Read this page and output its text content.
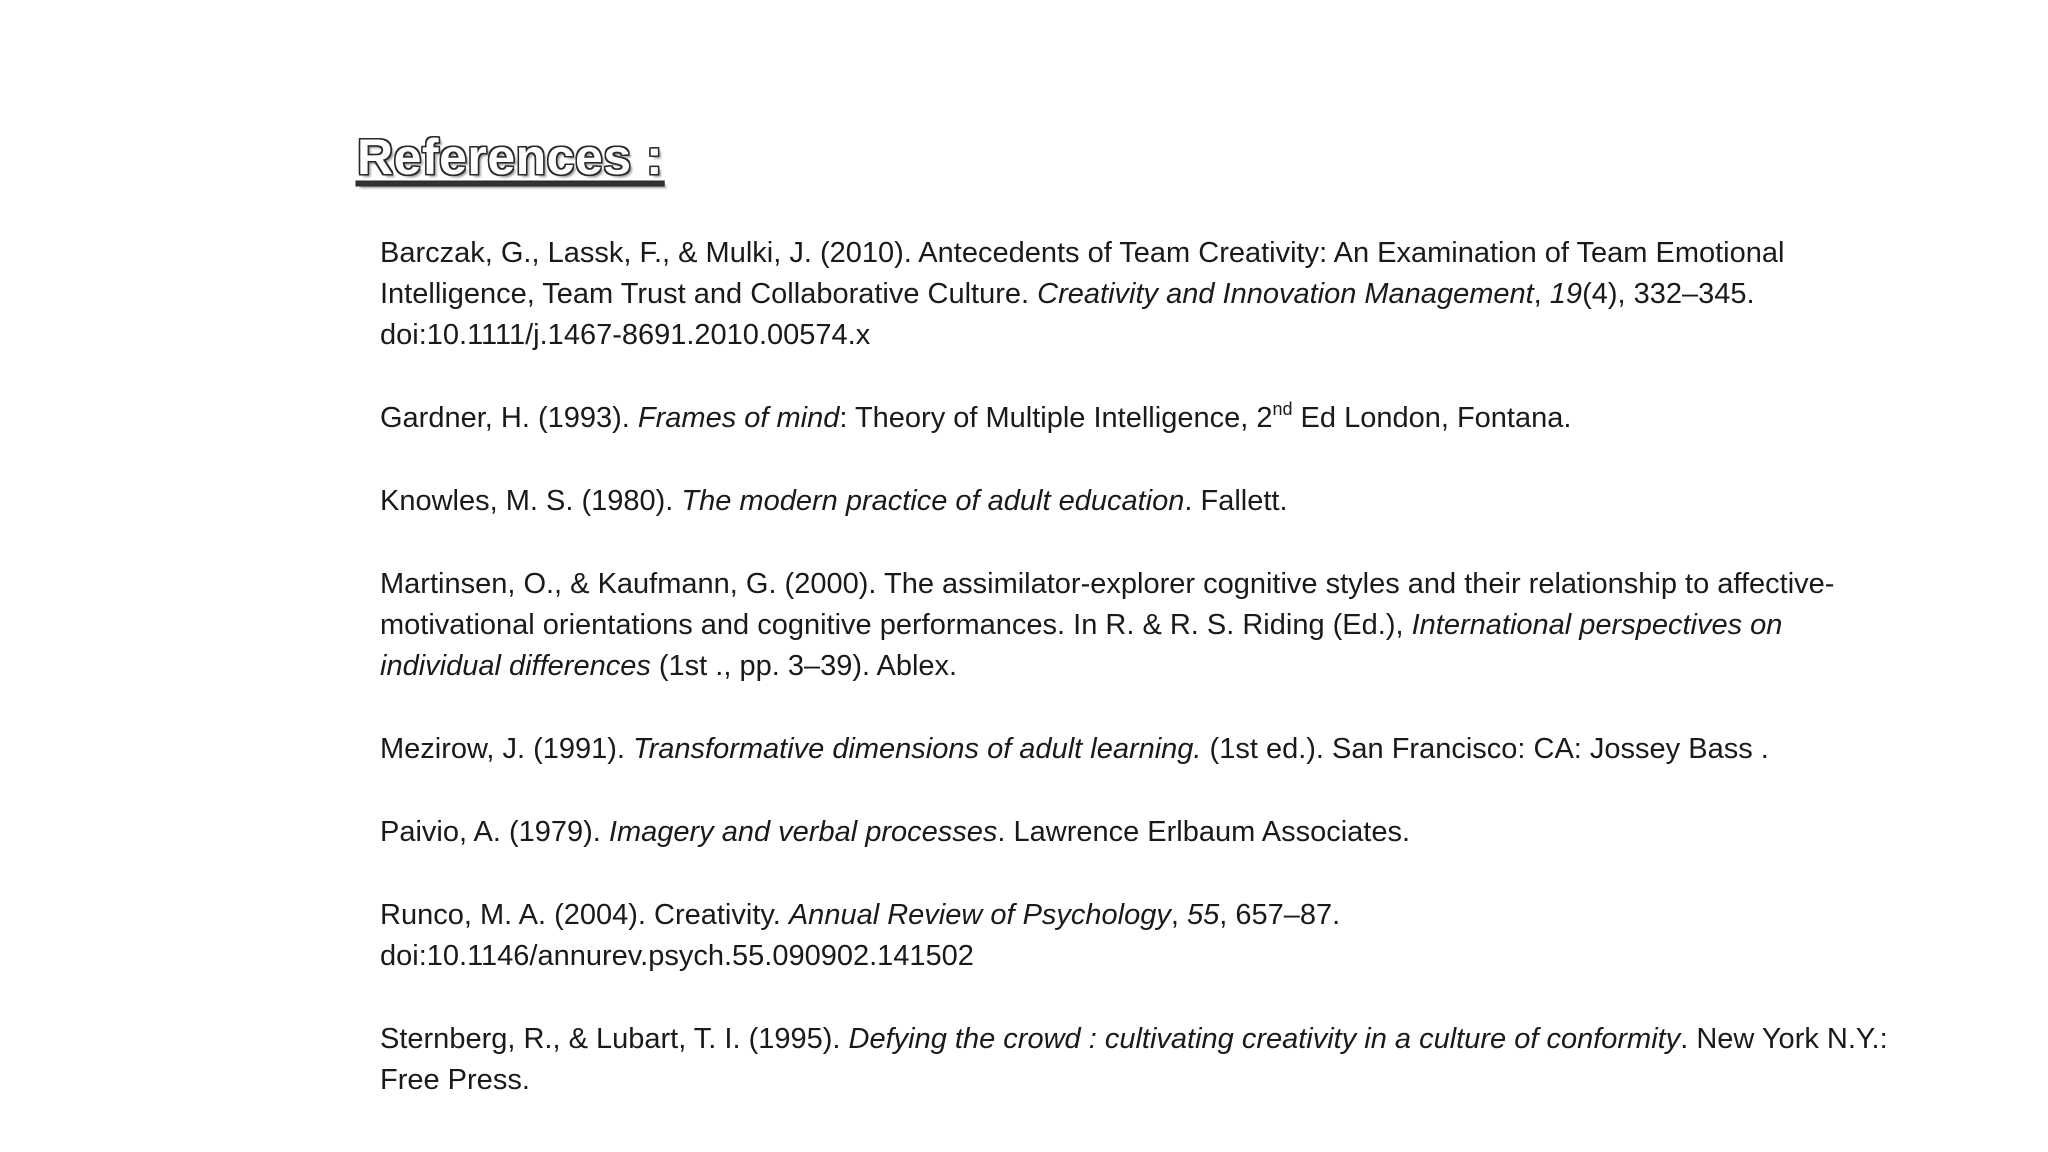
References :

Barczak, G., Lassk, F., & Mulki, J. (2010). Antecedents of Team Creativity: An Examination of Team Emotional Intelligence, Team Trust and Collaborative Culture. Creativity and Innovation Management, 19(4), 332–345.
doi:10.1111/j.1467-8691.2010.00574.x

Gardner, H. (1993). Frames of mind: Theory of Multiple Intelligence, 2nd Ed London, Fontana.

Knowles, M. S. (1980). The modern practice of adult education. Fallett.

Martinsen, O., & Kaufmann, G. (2000). The assimilator-explorer cognitive styles and their relationship to affective-motivational orientations and cognitive performances. In R. & R. S. Riding (Ed.), International perspectives on individual differences (1st ., pp. 3–39). Ablex.

Mezirow, J. (1991). Transformative dimensions of adult learning. (1st ed.). San Francisco: CA: Jossey Bass .

Paivio, A. (1979). Imagery and verbal processes. Lawrence Erlbaum Associates.

Runco, M. A. (2004). Creativity. Annual Review of Psychology, 55, 657–87.
doi:10.1146/annurev.psych.55.090902.141502

Sternberg, R., & Lubart, T. I. (1995). Defying the crowd : cultivating creativity in a culture of conformity. New York N.Y.: Free Press.
